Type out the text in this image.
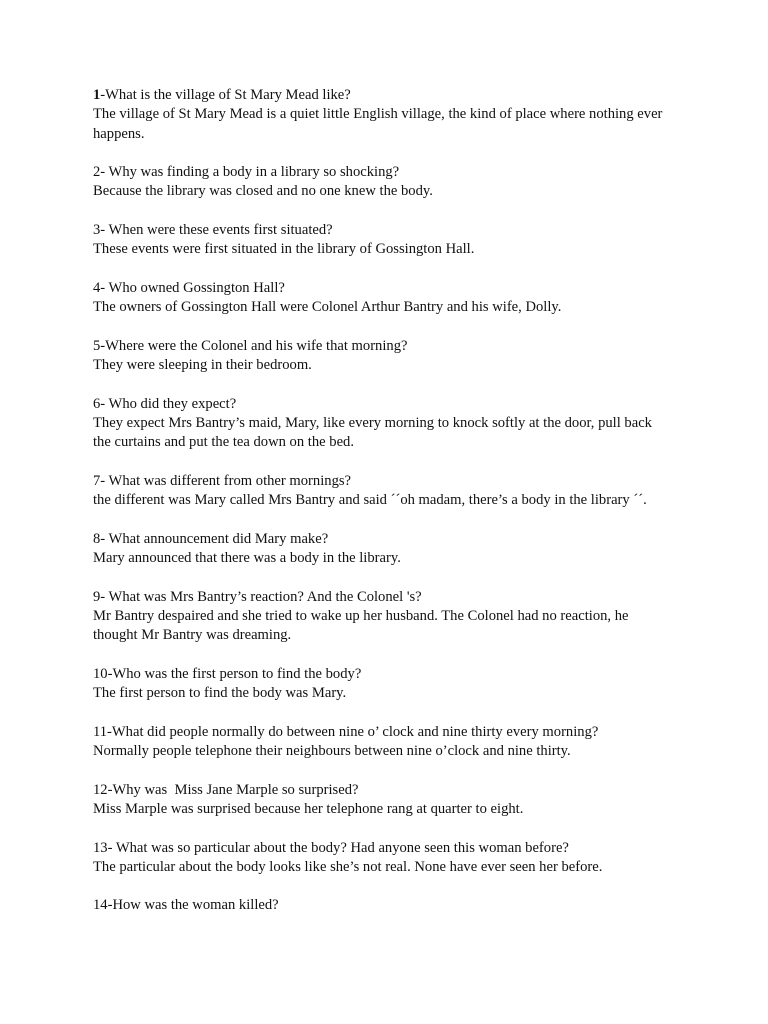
1-What is the village of St Mary Mead like?

The village of St Mary Mead is a quiet little English village, the kind of place where nothing ever happens.

2- Why was finding a body in a library so shocking?

Because the library was closed and no one knew the body.

3- When were these events first situated?

These events were first situated in the library of Gossington Hall.

4- Who owned Gossington Hall?

The owners of Gossington Hall were Colonel Arthur Bantry and his wife, Dolly.

5-Where were the Colonel and his wife that morning?

They were sleeping in their bedroom.

6- Who did they expect?

They expect Mrs Bantry’s maid, Mary, like every morning to knock softly at the door, pull back the curtains and put the tea down on the bed.

7- What was different from other mornings?

the different was Mary called Mrs Bantry and said ´´oh madam, there’s a body in the library ´´.

8- What announcement did Mary make?

Mary announced that there was a body in the library.

9- What was Mrs Bantry’s reaction? And the Colonel 's?

Mr Bantry despaired and she tried to wake up her husband. The Colonel had no reaction, he thought Mr Bantry was dreaming.

10-Who was the first person to find the body?

The first person to find the body was Mary.

11-What did people normally do between nine o’ clock and nine thirty every morning?

Normally people telephone their neighbours between nine o’clock and nine thirty.

12-Why was  Miss Jane Marple so surprised?

Miss Marple was surprised because her telephone rang at quarter to eight.

13- What was so particular about the body? Had anyone seen this woman before?

The particular about the body looks like she’s not real. None have ever seen her before.

14-How was the woman killed?
